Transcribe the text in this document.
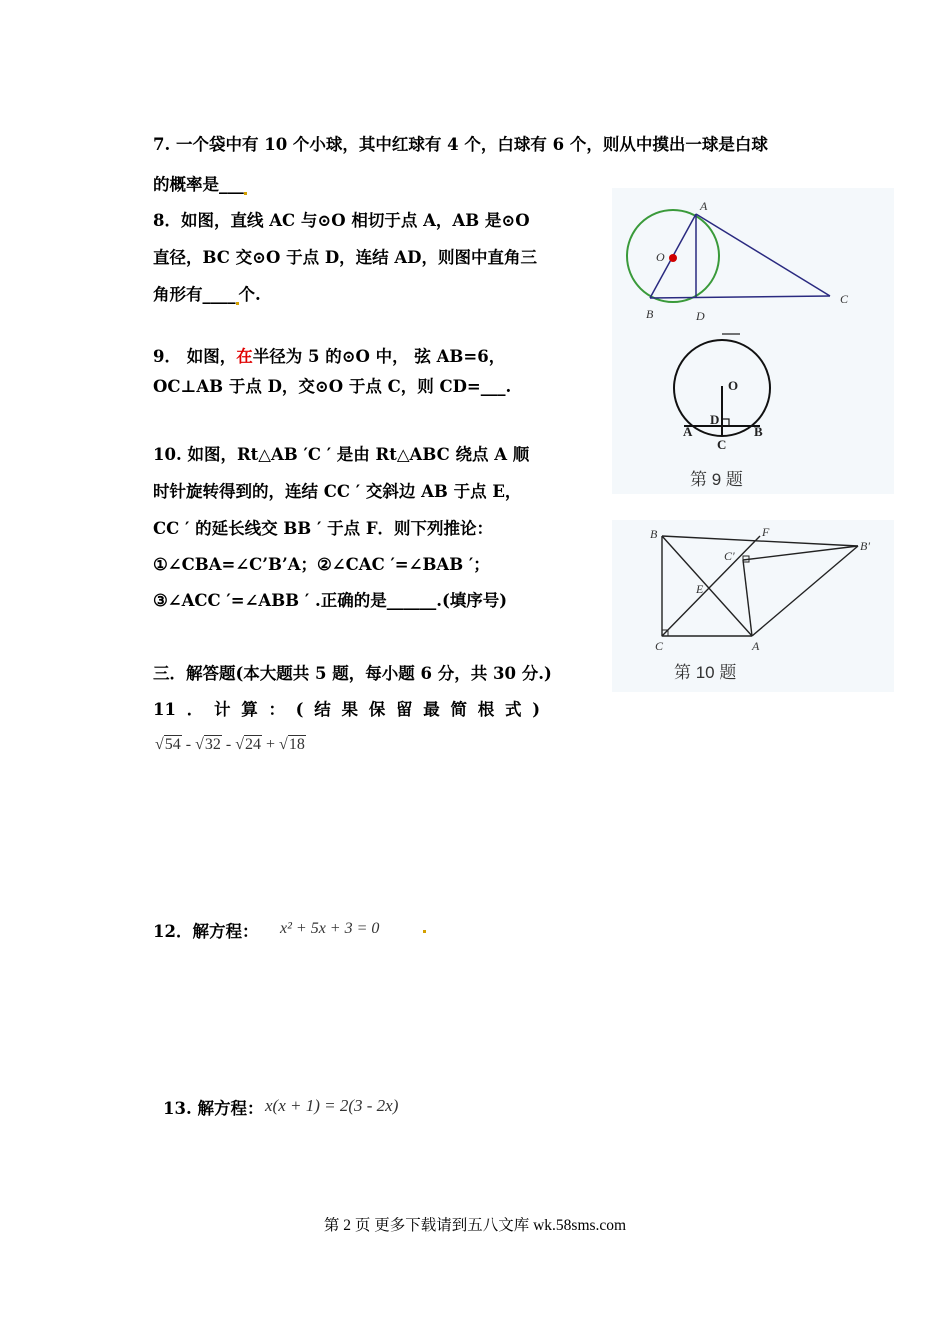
7. 一个袋中有 10 个小球，其中红球有 4 个，白球有 6 个，则从中摸出一球是白球
的概率是___
8．如图，直线 AC 与⊙O 相切于点 A，AB 是⊙O
直径，BC 交⊙O 于点 D，连结 AD，则图中直角三
角形有____ 个.
A
O
B	D
C
9． 如图，在半径为 5 的⊙O 中， 弦 AB=6，
OC⊥AB 于点 D，交⊙O 于点 C，则 CD=___.	O
D
A
C
B
第 9 题
10. 如图，Rt△AB ′C ′ 是由 Rt△ABC 绕点 A 顺
时针旋转得到的，连结 CC ′ 交斜边 AB 于点 E，
CC ′ 的延长线交 BB ′ 于点 F．则下列推论：
①∠CBA=∠C’B’A；②∠CAC ′=∠BAB ′；
③∠ACC ′=∠ABB ′ .正确的是______.(填序号)
B	F
C'
B'
E
C	A
第 10 题
三．解答题(本大题共 5 题，每小题 6 分，共 30 分.)
11 ． 计 算 ： ( 结 果 保 留 最 简 根 式 )
√54 - √32 - √24 + √18
12．解方程： x² + 5x + 3 = 0
13. 解方程： x(x + 1) = 2(3 - 2x)
第 2 页 更多下载请到五八文库 wk.58sms.com
